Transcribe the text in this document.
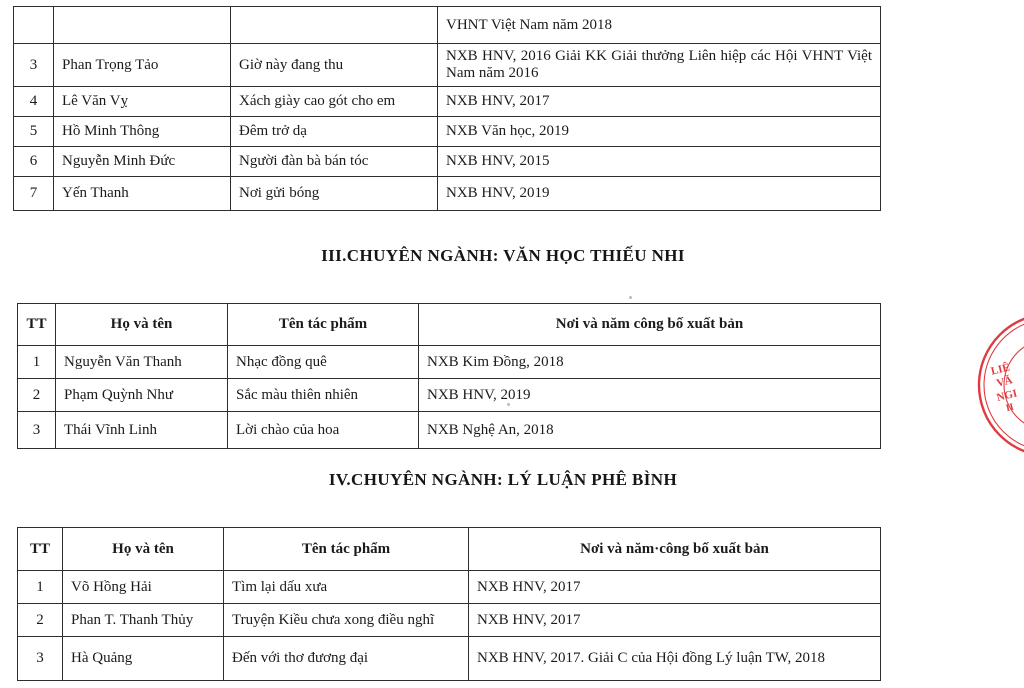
			VHNT Việt Nam năm 2018
3	Phan Trọng Tảo	Giờ này đang thu	NXB HNV, 2016 Giải KK Giải thưởng Liên hiệp các Hội VHNT Việt Nam năm 2016
4	Lê Văn Vỵ	Xách giày cao gót cho em	NXB HNV, 2017
5	Hồ Minh Thông	Đêm trở dạ	NXB Văn học, 2019
6	Nguyễn Minh Đức	Người đàn bà bán tóc	NXB HNV, 2015
7	Yến Thanh	Nơi gửi bóng	NXB HNV, 2019
III.CHUYÊN NGÀNH: VĂN HỌC THIẾU NHI
TT	Họ và tên	Tên tác phẩm	Nơi và năm công bố xuất bản
1	Nguyễn Văn Thanh	Nhạc đồng quê	NXB Kim Đồng, 2018
2	Phạm Quỳnh Như	Sắc màu thiên nhiên	NXB HNV, 2019
3	Thái Vĩnh Linh	Lời chào của hoa	NXB Nghệ An, 2018
IV.CHUYÊN NGÀNH: LÝ LUẬN PHÊ BÌNH
TT	Họ và tên	Tên tác phẩm	Nơi và năm·công bố xuất bản
1	Võ Hồng Hải	Tìm lại dấu xưa	NXB HNV, 2017
2	Phan T. Thanh Thủy	Truyện Kiều chưa xong điều nghĩ	NXB HNV, 2017
3	Hà Quảng	Đến với thơ đương đại	NXB HNV, 2017. Giải C của Hội đồng Lý luận TW, 2018
LIÊ
VĂ
NGI
II
